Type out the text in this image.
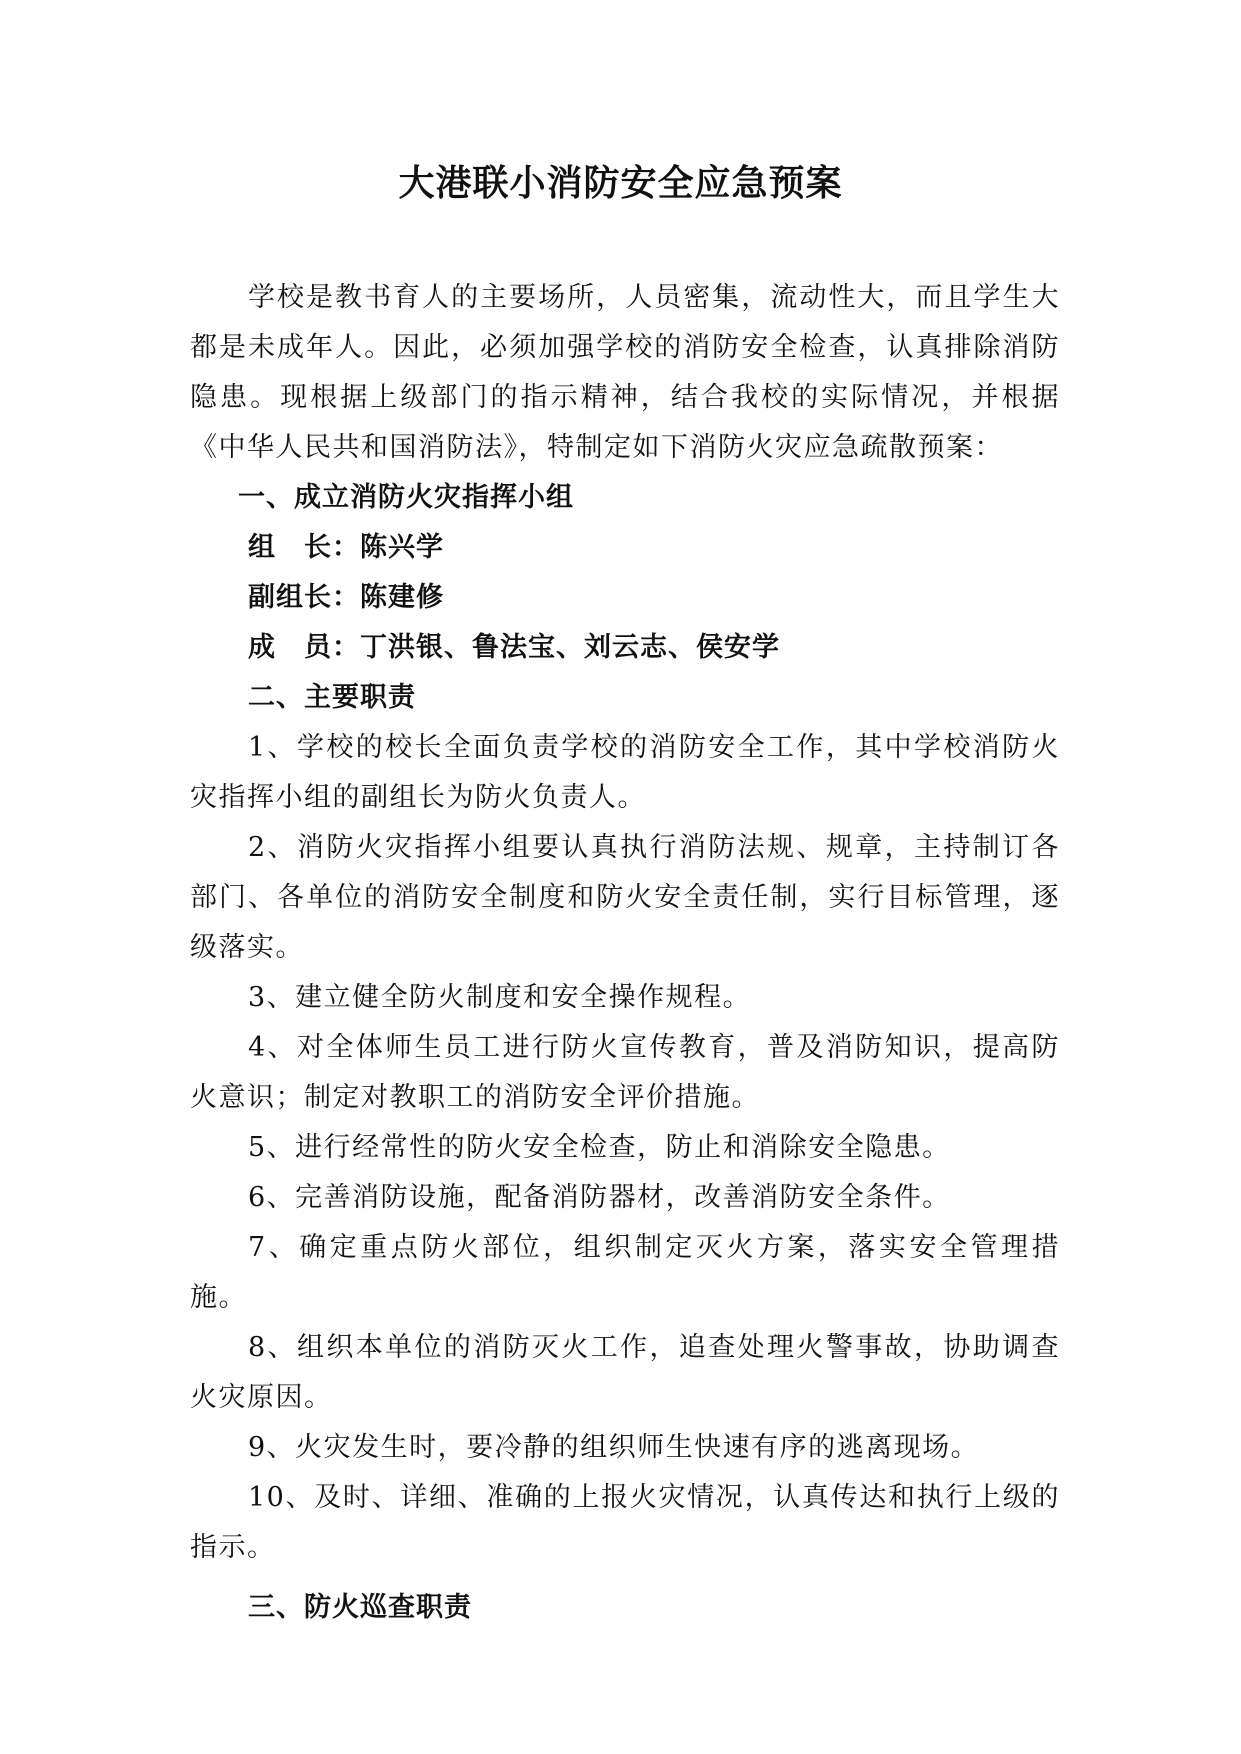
大港联小消防安全应急预案

学校是教书育人的主要场所，人员密集，流动性大，而且学生大都是未成年人。因此，必须加强学校的消防安全检查，认真排除消防隐患。现根据上级部门的指示精神，结合我校的实际情况，并根据《中华人民共和国消防法》，特制定如下消防火灾应急疏散预案：

一、成立消防火灾指挥小组

组　长：陈兴学

副组长：陈建修

成　员：丁洪银、鲁法宝、刘云志、侯安学

二、主要职责

1、学校的校长全面负责学校的消防安全工作，其中学校消防火灾指挥小组的副组长为防火负责人。

2、消防火灾指挥小组要认真执行消防法规、规章，主持制订各部门、各单位的消防安全制度和防火安全责任制，实行目标管理，逐级落实。

3、建立健全防火制度和安全操作规程。

4、对全体师生员工进行防火宣传教育，普及消防知识，提高防火意识；制定对教职工的消防安全评价措施。

5、进行经常性的防火安全检查，防止和消除安全隐患。

6、完善消防设施，配备消防器材，改善消防安全条件。

7、确定重点防火部位，组织制定灭火方案，落实安全管理措施。

8、组织本单位的消防灭火工作，追查处理火警事故，协助调查火灾原因。

9、火灾发生时，要冷静的组织师生快速有序的逃离现场。

10、及时、详细、准确的上报火灾情况，认真传达和执行上级的指示。

三、防火巡查职责
